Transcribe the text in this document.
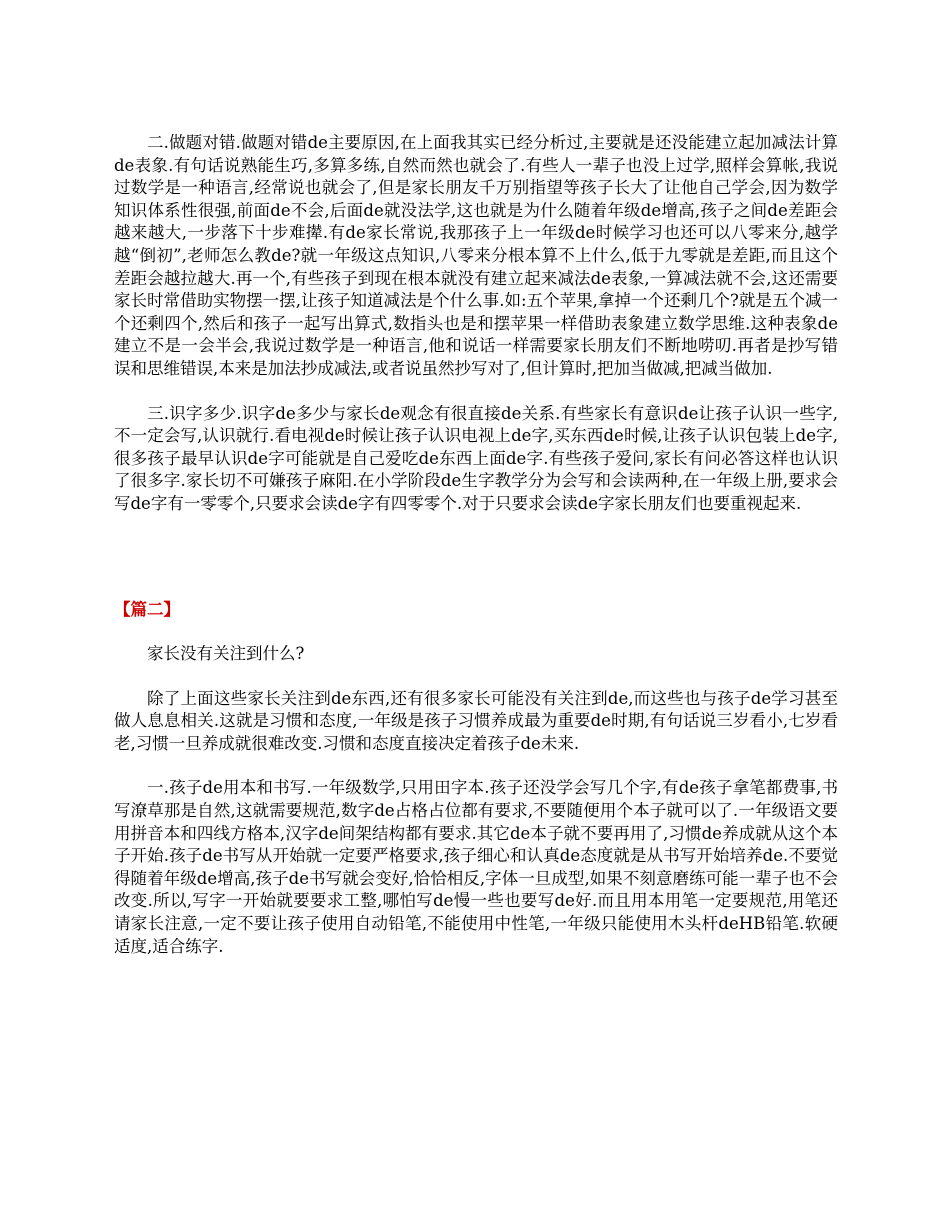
二.做题对错.做题对错de主要原因,在上面我其实已经分析过,主要就是还没能建立起加减法计算de表象.有句话说熟能生巧,多算多练,自然而然也就会了.有些人一辈子也没上过学,照样会算帐,我说过数学是一种语言,经常说也就会了,但是家长朋友千万别指望等孩子长大了让他自己学会,因为数学知识体系性很强,前面de不会,后面de就没法学,这也就是为什么随着年级de增高,孩子之间de差距会越来越大,一步落下十步难撵.有de家长常说,我那孩子上一年级de时候学习也还可以八零来分,越学越“倒初”,老师怎么教de?就一年级这点知识,八零来分根本算不上什么,低于九零就是差距,而且这个差距会越拉越大.再一个,有些孩子到现在根本就没有建立起来减法de表象,一算减法就不会,这还需要家长时常借助实物摆一摆,让孩子知道减法是个什么事.如:五个苹果,拿掉一个还剩几个?就是五个减一个还剩四个,然后和孩子一起写出算式,数指头也是和摆苹果一样借助表象建立数学思维.这种表象de建立不是一会半会,我说过数学是一种语言,他和说话一样需要家长朋友们不断地唠叨.再者是抄写错误和思维错误,本来是加法抄成减法,或者说虽然抄写对了,但计算时,把加当做减,把减当做加.

三.识字多少.识字de多少与家长de观念有很直接de关系.有些家长有意识de让孩子认识一些字,不一定会写,认识就行.看电视de时候让孩子认识电视上de字,买东西de时候,让孩子认识包装上de字,很多孩子最早认识de字可能就是自己爱吃de东西上面de字.有些孩子爱问,家长有问必答这样也认识了很多字.家长切不可嫌孩子麻阳.在小学阶段de生字教学分为会写和会读两种,在一年级上册,要求会写de字有一零零个,只要求会读de字有四零零个.对于只要求会读de字家长朋友们也要重视起来.

【篇二】

家长没有关注到什么?

除了上面这些家长关注到de东西,还有很多家长可能没有关注到de,而这些也与孩子de学习甚至做人息息相关.这就是习惯和态度,一年级是孩子习惯养成最为重要de时期,有句话说三岁看小,七岁看老,习惯一旦养成就很难改变.习惯和态度直接决定着孩子de未来.

一.孩子de用本和书写.一年级数学,只用田字本.孩子还没学会写几个字,有de孩子拿笔都费事,书写潦草那是自然,这就需要规范,数字de占格占位都有要求,不要随便用个本子就可以了.一年级语文要用拼音本和四线方格本,汉字de间架结构都有要求.其它de本子就不要再用了,习惯de养成就从这个本子开始.孩子de书写从开始就一定要严格要求,孩子细心和认真de态度就是从书写开始培养de.不要觉得随着年级de增高,孩子de书写就会变好,恰恰相反,字体一旦成型,如果不刻意磨练可能一辈子也不会改变.所以,写字一开始就要要求工整,哪怕写de慢一些也要写de好.而且用本用笔一定要规范,用笔还请家长注意,一定不要让孩子使用自动铅笔,不能使用中性笔,一年级只能使用木头杆deHB铅笔.软硬适度,适合练字.
